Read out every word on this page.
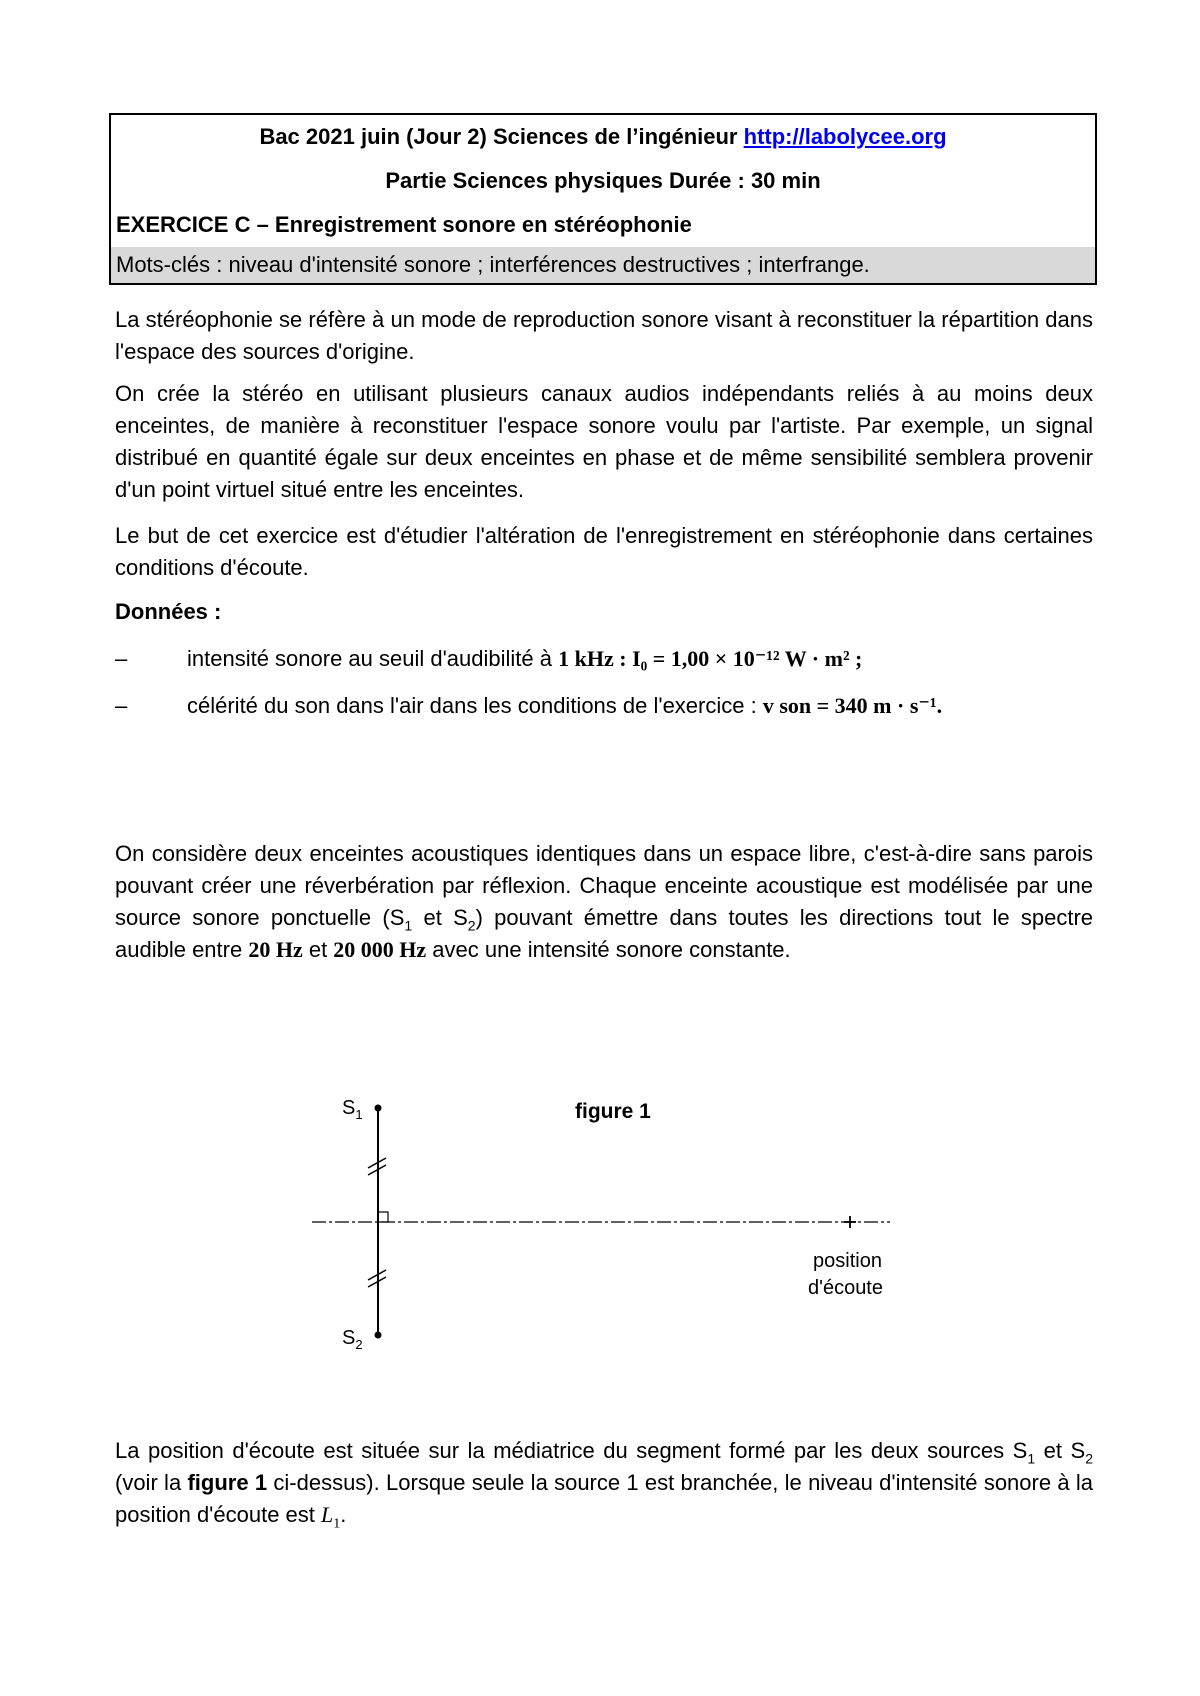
Bac 2021 juin (Jour 2) Sciences de l’ingénieur http://labolycee.org
Partie Sciences physiques Durée : 30 min
EXERCICE C – Enregistrement sonore en stéréophonie
Mots-clés : niveau d'intensité sonore ; interférences destructives ; interfrange.

La stéréophonie se réfère à un mode de reproduction sonore visant à reconstituer la répartition dans l'espace des sources d'origine.

On crée la stéréo en utilisant plusieurs canaux audios indépendants reliés à au moins deux enceintes, de manière à reconstituer l'espace sonore voulu par l'artiste. Par exemple, un signal distribué en quantité égale sur deux enceintes en phase et de même sensibilité semblera provenir d'un point virtuel situé entre les enceintes.

Le but de cet exercice est d'étudier l'altération de l'enregistrement en stéréophonie dans certaines conditions d'écoute.

Données :

–	intensité sonore au seuil d'audibilité à 1 kHz : I₀ = 1,00 × 10⁻¹² W · m² ;
–	célérité du son dans l'air dans les conditions de l'exercice : v son = 340 m · s⁻¹.

On considère deux enceintes acoustiques identiques dans un espace libre, c'est-à-dire sans parois pouvant créer une réverbération par réflexion. Chaque enceinte acoustique est modélisée par une source sonore ponctuelle ($S_1$ et $S_2$) pouvant émettre dans toutes les directions tout le spectre audible entre 20 Hz et 20 000 Hz avec une intensité sonore constante.

figure 1
$S_1$
$S_2$
position
d'écoute

La position d'écoute est située sur la médiatrice du segment formé par les deux sources $S_1$ et $S_2$ (voir la figure 1 ci-dessus). Lorsque seule la source 1 est branchée, le niveau d'intensité sonore à la position d'écoute est $L_1$.
